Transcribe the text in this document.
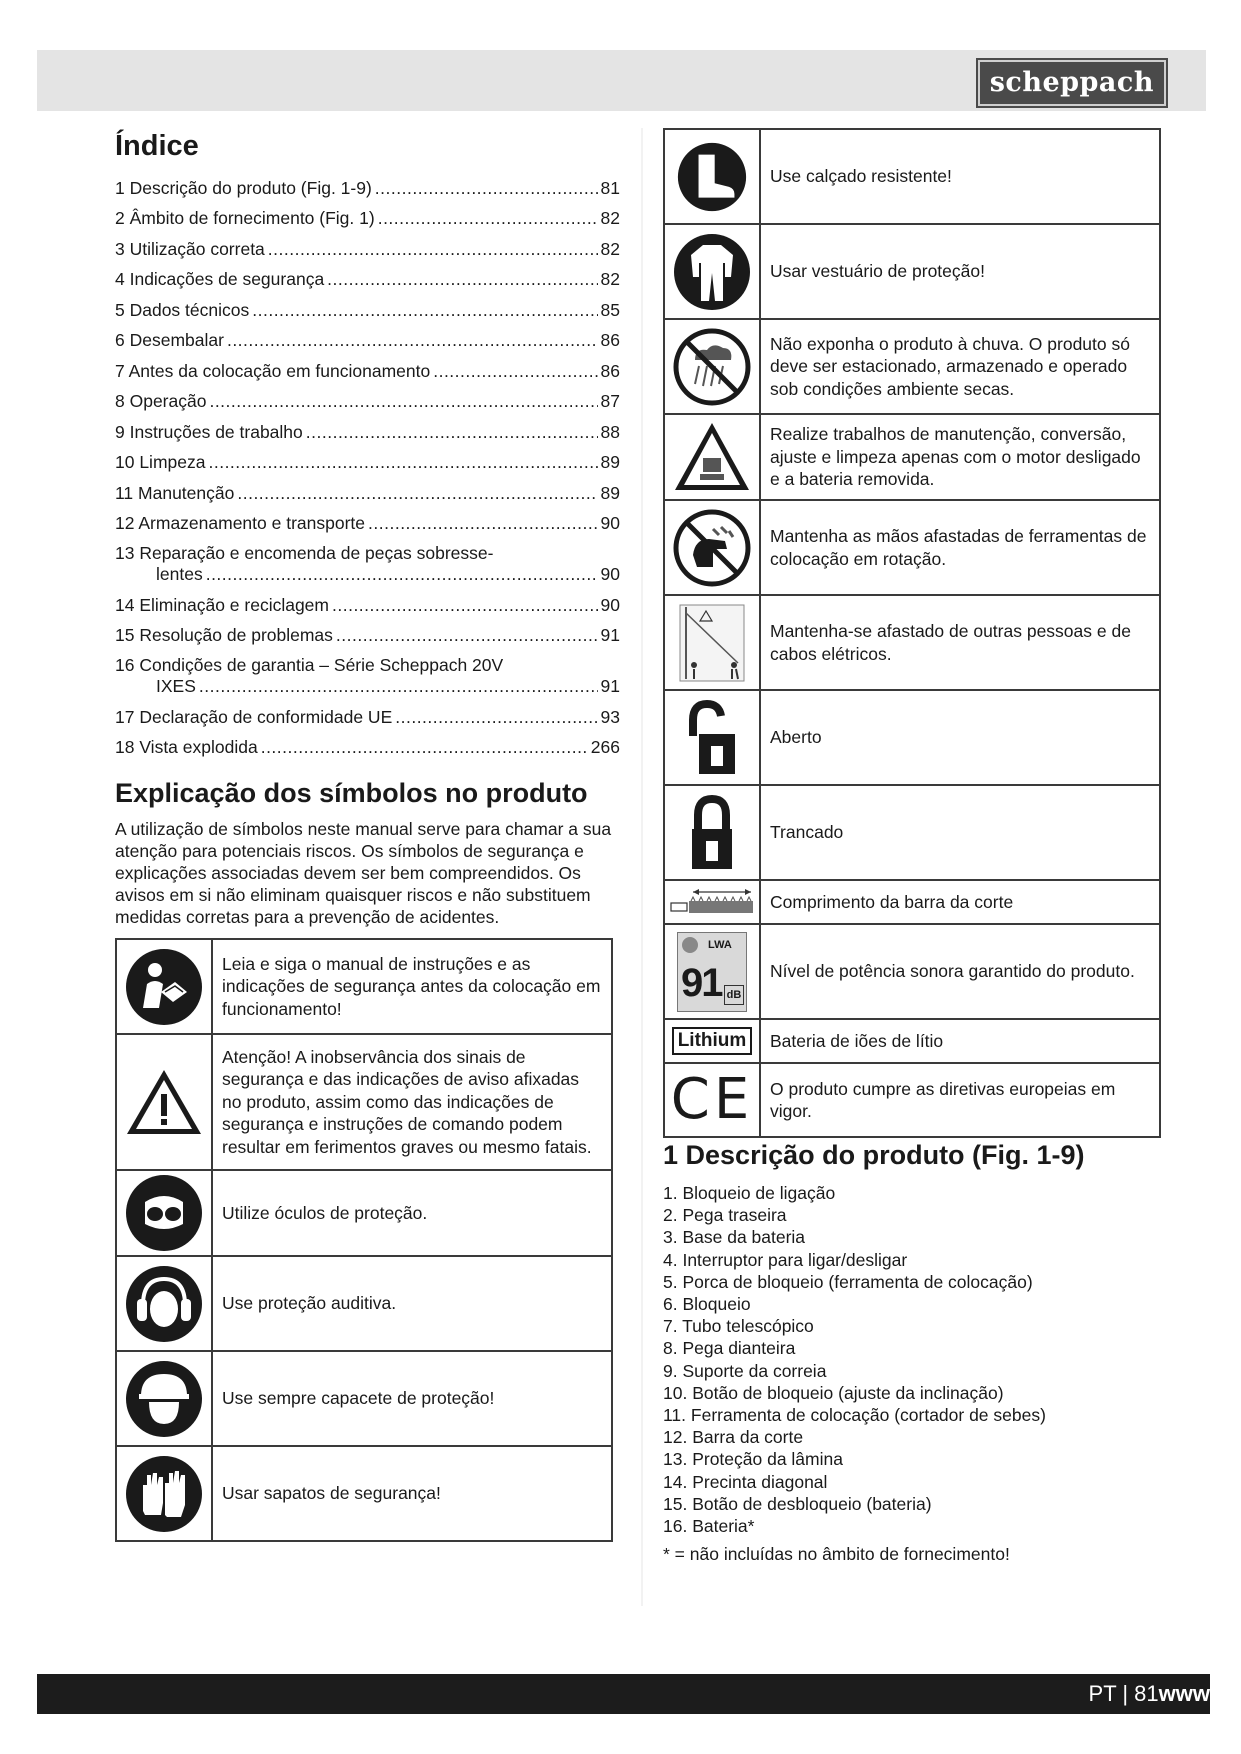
scheppach
Índice
1 Descrição do produto (Fig. 1-9) .....	81
2 Âmbito de fornecimento (Fig. 1) .....	82
3 Utilização correta .....	82
4 Indicações de segurança .....	82
5 Dados técnicos .....	85
6 Desembalar .....	86
7 Antes da colocação em funcionamento .....	86
8 Operação .....	87
9 Instruções de trabalho .....	88
10 Limpeza .....	89
11 Manutenção .....	89
12 Armazenamento e transporte .....	90
13 Reparação e encomenda de peças sobresse-
lentes .....	90
14 Eliminação e reciclagem .....	90
15 Resolução de problemas .....	91
16 Condições de garantia – Série Scheppach 20V
IXES .....	91
17 Declaração de conformidade UE .....	93
18 Vista explodida .....	266
Explicação dos símbolos no produto

A utilização de símbolos neste manual serve para chamar a sua atenção para potenciais riscos. Os símbolos de segurança e explicações associadas devem ser bem compreendidos. Os avisos em si não eliminam quaisquer riscos e não substituem medidas corretas para a prevenção de acidentes.

	Leia e siga o manual de instruções e as indicações de segurança antes da colocação em funcionamento!

	Atenção! A inobservância dos sinais de segurança e das indicações de aviso afixadas no produto, assim como das indicações de segurança e instruções de comando podem resultar em ferimentos graves ou mesmo fatais.

	Utilize óculos de proteção.

	Use proteção auditiva.

	Use sempre capacete de proteção!

	Usar sapatos de segurança!
	Use calçado resistente!

	Usar vestuário de proteção!

	Não exponha o produto à chuva. O produto só deve ser estacionado, armazenado e operado sob condições ambiente secas.

	Realize trabalhos de manutenção, conversão, ajuste e limpeza apenas com o motor desligado e a bateria removida.

	Mantenha as mãos afastadas de ferramentas de colocação em rotação.

	Mantenha-se afastado de outras pessoas e de cabos elétricos.

	Aberto

	Trancado

	Comprimento da barra da corte

LWA
91 dB	Nível de potência sonora garantido do produto.
Lithium	Bateria de iões de lítio

CE	O produto cumpre as diretivas europeias em vigor.
1 Descrição do produto (Fig. 1-9)
1. Bloqueio de ligação
2. Pega traseira
3. Base da bateria
4. Interruptor para ligar/desligar
5. Porca de bloqueio (ferramenta de colocação)
6. Bloqueio
7. Tubo telescópico
8. Pega dianteira
9. Suporte da correia
10. Botão de bloqueio (ajuste da inclinação)
11. Ferramenta de colocação (cortador de sebes)
12. Barra da corte
13. Proteção da lâmina
14. Precinta diagonal
15. Botão de desbloqueio (bateria)
16. Bateria*
* = não incluídas no âmbito de fornecimento!
PT | 81www
